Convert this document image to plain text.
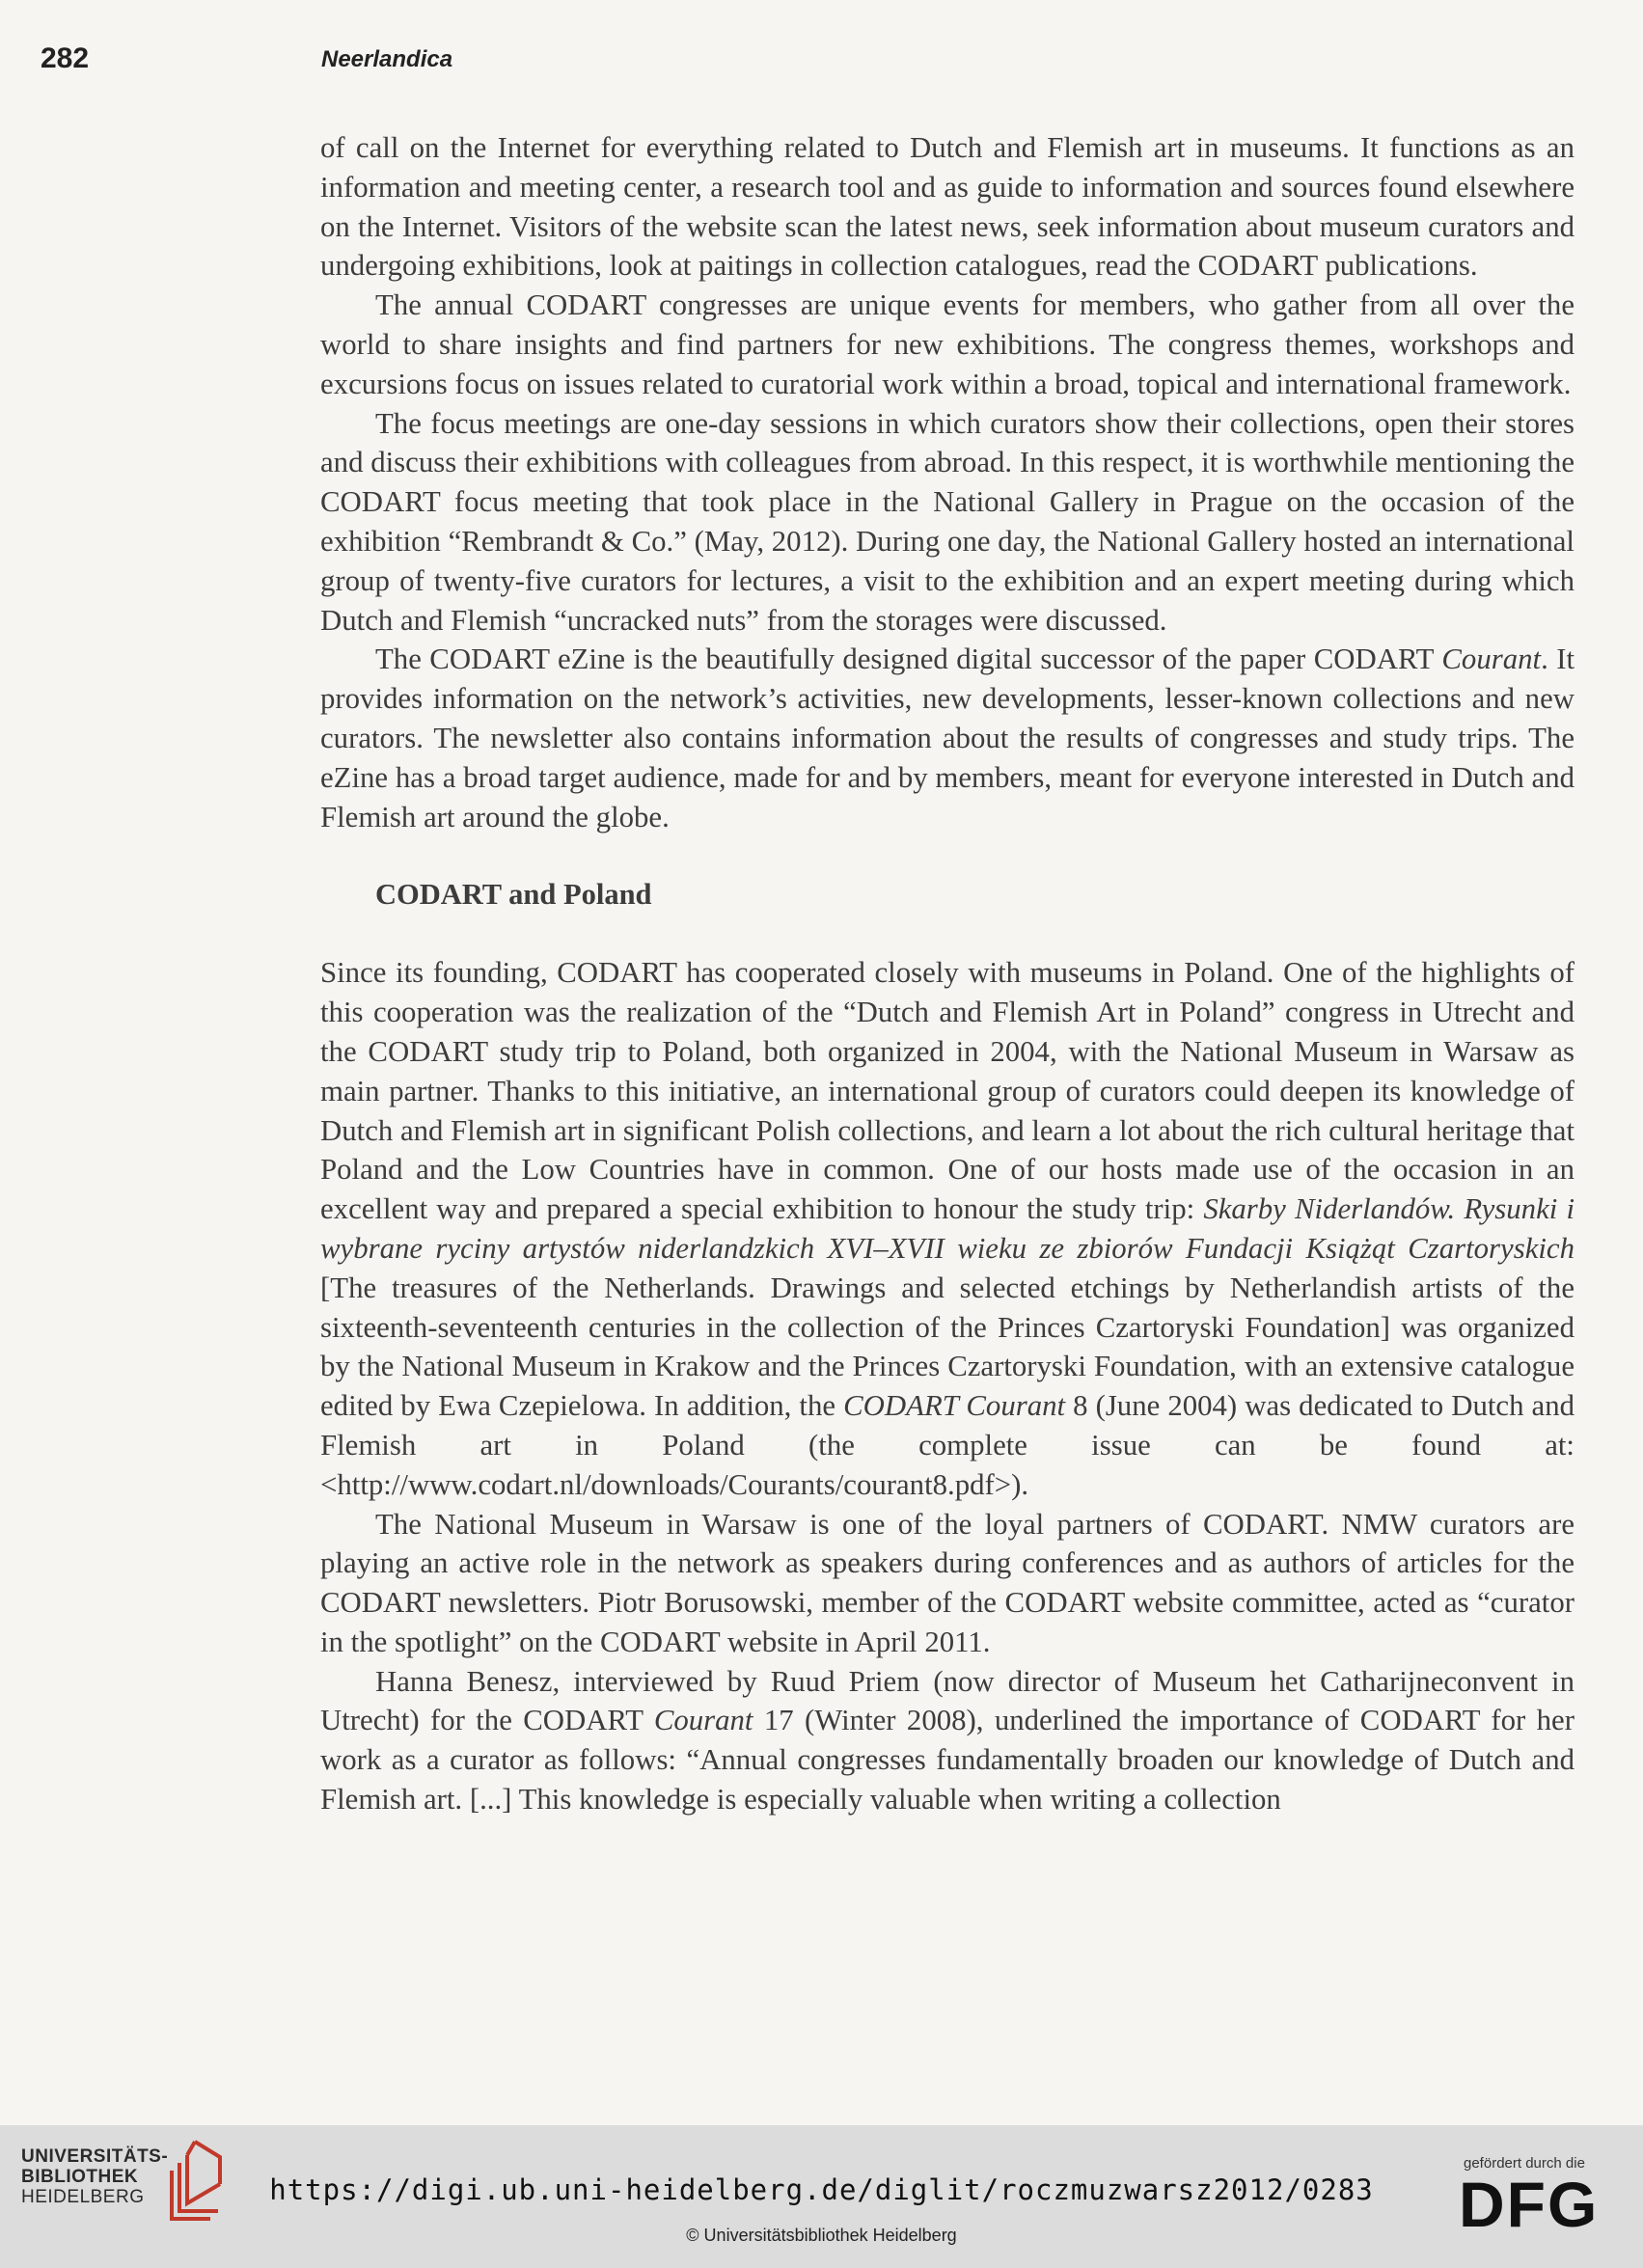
282	Neerlandica

of call on the Internet for everything related to Dutch and Flemish art in museums. It functions as an information and meeting center, a research tool and as guide to information and sources found elsewhere on the Internet. Visitors of the website scan the latest news, seek information about museum curators and undergoing exhibitions, look at paitings in collection catalogues, read the CODART publications.

The annual CODART congresses are unique events for members, who gather from all over the world to share insights and find partners for new exhibitions. The congress themes, workshops and excursions focus on issues related to curatorial work within a broad, topical and international framework.

The focus meetings are one-day sessions in which curators show their collections, open their stores and discuss their exhibitions with colleagues from abroad. In this respect, it is worthwhile mentioning the CODART focus meeting that took place in the National Gallery in Prague on the occasion of the exhibition “Rembrandt & Co.” (May, 2012). During one day, the National Gallery hosted an international group of twenty-five curators for lectures, a visit to the exhibition and an expert meeting during which Dutch and Flemish “uncracked nuts” from the storages were discussed.

The CODART eZine is the beautifully designed digital successor of the paper CODART Courant. It provides information on the network’s activities, new developments, lesser-known collections and new curators. The newsletter also contains information about the results of congresses and study trips. The eZine has a broad target audience, made for and by members, meant for everyone interested in Dutch and Flemish art around the globe.

CODART and Poland

Since its founding, CODART has cooperated closely with museums in Poland. One of the highlights of this cooperation was the realization of the “Dutch and Flemish Art in Poland” congress in Utrecht and the CODART study trip to Poland, both organized in 2004, with the National Museum in Warsaw as main partner. Thanks to this initiative, an international group of curators could deepen its knowledge of Dutch and Flemish art in significant Polish collections, and learn a lot about the rich cultural heritage that Poland and the Low Countries have in common. One of our hosts made use of the occasion in an excellent way and prepared a special exhibition to honour the study trip: Skarby Niderlandów. Rysunki i wybrane ryciny artystów niderlandzkich XVI–XVII wieku ze zbiorów Fundacji Książąt Czartoryskich [The treasures of the Netherlands. Drawings and selected etchings by Netherlandish artists of the sixteenth-seventeenth centuries in the collection of the Princes Czartoryski Foundation] was organized by the National Museum in Krakow and the Princes Czartoryski Foundation, with an extensive catalogue edited by Ewa Czepielowa. In addition, the CODART Courant 8 (June 2004) was dedicated to Dutch and Flemish art in Poland (the complete issue can be found at: <http://www.codart.nl/downloads/Courants/courant8.pdf>).

The National Museum in Warsaw is one of the loyal partners of CODART. NMW curators are playing an active role in the network as speakers during conferences and as authors of articles for the CODART newsletters. Piotr Borusowski, member of the CODART website committee, acted as “curator in the spotlight” on the CODART website in April 2011.

Hanna Benesz, interviewed by Ruud Priem (now director of Museum het Catharijneconvent in Utrecht) for the CODART Courant 17 (Winter 2008), underlined the importance of CODART for her work as a curator as follows: “Annual congresses fundamentally broaden our knowledge of Dutch and Flemish art. [...] This knowledge is especially valuable when writing a collection

UNIVERSITÄTS-
BIBLIOTHEK
HEIDELBERG	https://digi.ub.uni-heidelberg.de/diglit/roczmuzwarsz2012/0283
© Universitätsbibliothek Heidelberg
gefördert durch die
DFG
